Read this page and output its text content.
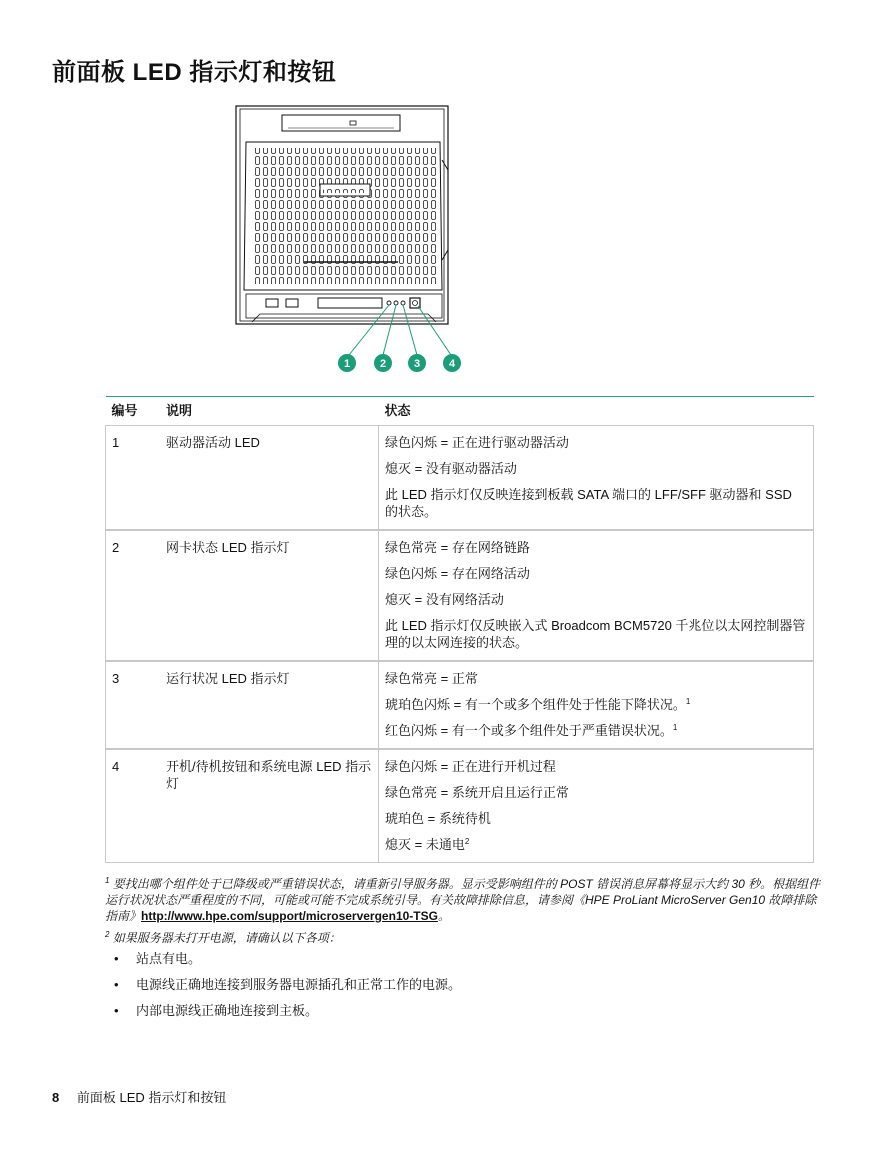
前面板 LED 指示灯和按钮
1	2	3	4
编号	说明	状态
1	驱动器活动 LED	绿色闪烁 = 正在进行驱动器活动

熄灭 = 没有驱动器活动

此 LED 指示灯仅反映连接到板载 SATA 端口的 LFF/SFF 驱动器和 SSD 的状态。

2	网卡状态 LED 指示灯	绿色常亮 = 存在网络链路

绿色闪烁 = 存在网络活动

熄灭 = 没有网络活动

此 LED 指示灯仅反映嵌入式 Broadcom BCM5720 千兆位以太网控制器管理的以太网连接的状态。

3	运行状况 LED 指示灯	绿色常亮 = 正常

琥珀色闪烁 = 有一个或多个组件处于性能下降状况。$^1$

红色闪烁 = 有一个或多个组件处于严重错误状况。$^1$

4	开机/待机按钮和系统电源 LED 指示灯	绿色闪烁 = 正在进行开机过程

绿色常亮 = 系统开启且运行正常

琥珀色 = 系统待机

熄灭 = 未通电$^2$

$^1$ 要找出哪个组件处于已降级或严重错误状态，请重新引导服务器。显示受影响组件的 POST 错误消息屏幕将显示大约 30 秒。根据组件运行状况状态严重程度的不同，可能或可能不完成系统引导。有关故障排除信息，请参阅《HPE ProLiant MicroServer Gen10 故障排除指南》http://www.hpe.com/support/microservergen10-TSG。

$^2$ 如果服务器未打开电源，请确认以下各项：

• 站点有电。
• 电源线正确地连接到服务器电源插孔和正常工作的电源。
• 内部电源线正确地连接到主板。
8 前面板 LED 指示灯和按钮
